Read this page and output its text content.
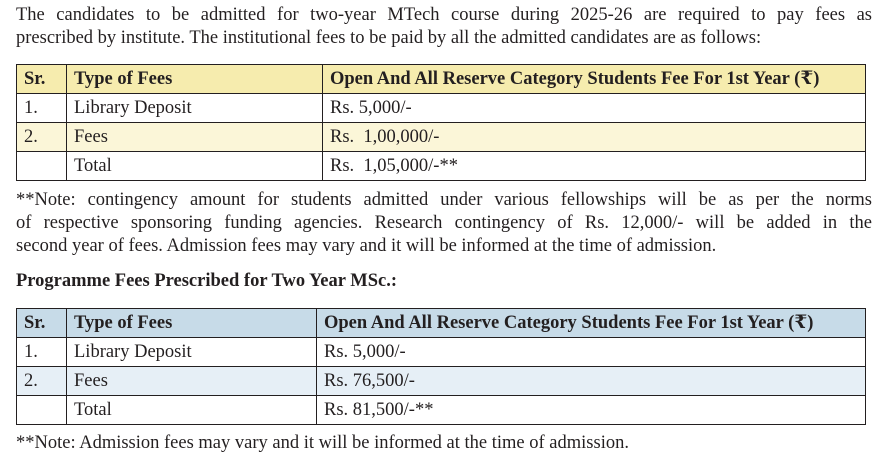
The candidates to be admitted for two-year MTech course during 2025-26 are required to pay fees as
prescribed by institute. The institutional fees to be paid by all the admitted candidates are as follows:
Sr.	Type of Fees	Open And All Reserve Category Students Fee For 1st Year (₹)
1.	Library Deposit	Rs. 5,000/-
2.	Fees	Rs.  1,00,000/-
	Total	Rs.  1,05,000/-**
**Note: contingency amount for students admitted under various fellowships will be as per the norms
of respective sponsoring funding agencies. Research contingency of Rs. 12,000/- will be added in the
second year of fees. Admission fees may vary and it will be informed at the time of admission.
Programme Fees Prescribed for Two Year MSc.:
Sr.	Type of Fees	Open And All Reserve Category Students Fee For 1st Year (₹)
1.	Library Deposit	Rs. 5,000/-
2.	Fees	Rs. 76,500/-
	Total	Rs. 81,500/-**
**Note: Admission fees may vary and it will be informed at the time of admission.
